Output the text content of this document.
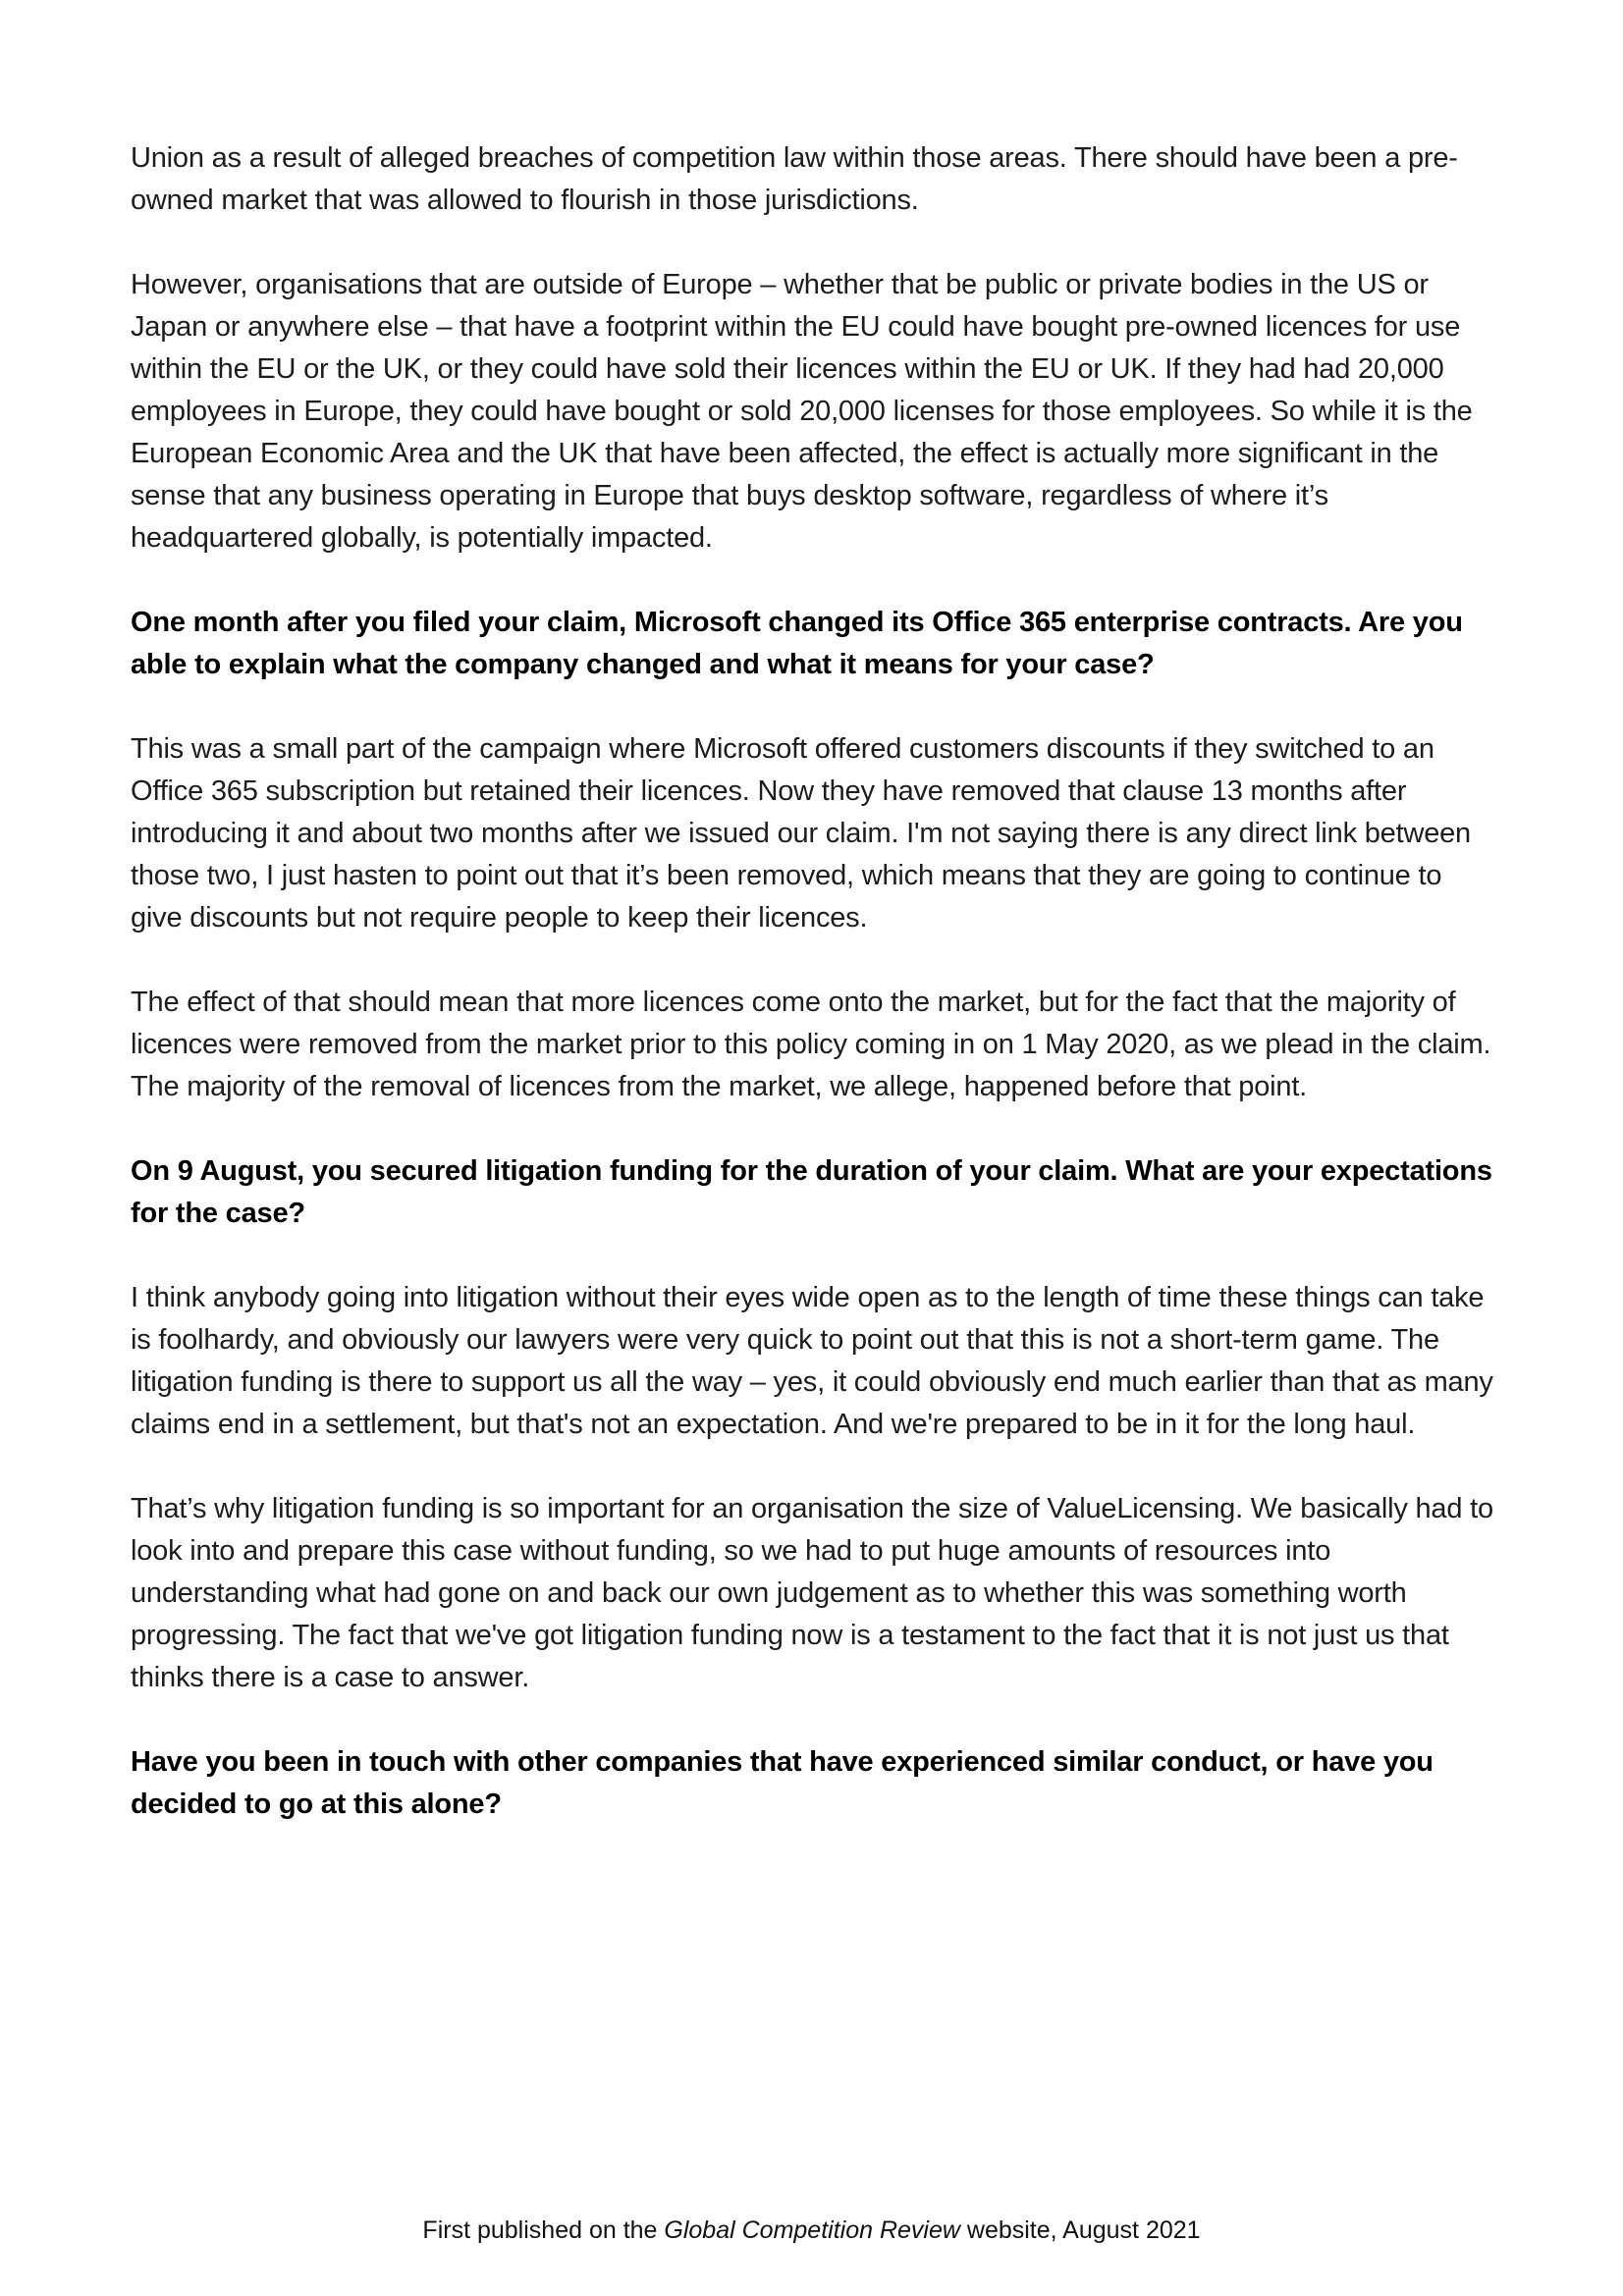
Union as a result of alleged breaches of competition law within those areas. There should have been a pre-owned market that was allowed to flourish in those jurisdictions.

However, organisations that are outside of Europe – whether that be public or private bodies in the US or Japan or anywhere else – that have a footprint within the EU could have bought pre-owned licences for use within the EU or the UK, or they could have sold their licences within the EU or UK. If they had had 20,000 employees in Europe, they could have bought or sold 20,000 licenses for those employees. So while it is the European Economic Area and the UK that have been affected, the effect is actually more significant in the sense that any business operating in Europe that buys desktop software, regardless of where it’s headquartered globally, is potentially impacted.

One month after you filed your claim, Microsoft changed its Office 365 enterprise contracts. Are you able to explain what the company changed and what it means for your case?

This was a small part of the campaign where Microsoft offered customers discounts if they switched to an Office 365 subscription but retained their licences. Now they have removed that clause 13 months after introducing it and about two months after we issued our claim. I'm not saying there is any direct link between those two, I just hasten to point out that it’s been removed, which means that they are going to continue to give discounts but not require people to keep their licences.

The effect of that should mean that more licences come onto the market, but for the fact that the majority of licences were removed from the market prior to this policy coming in on 1 May 2020, as we plead in the claim. The majority of the removal of licences from the market, we allege, happened before that point.

On 9 August, you secured litigation funding for the duration of your claim. What are your expectations for the case?

I think anybody going into litigation without their eyes wide open as to the length of time these things can take is foolhardy, and obviously our lawyers were very quick to point out that this is not a short-term game. The litigation funding is there to support us all the way – yes, it could obviously end much earlier than that as many claims end in a settlement, but that's not an expectation. And we're prepared to be in it for the long haul.

That’s why litigation funding is so important for an organisation the size of ValueLicensing. We basically had to look into and prepare this case without funding, so we had to put huge amounts of resources into understanding what had gone on and back our own judgement as to whether this was something worth progressing. The fact that we've got litigation funding now is a testament to the fact that it is not just us that thinks there is a case to answer.

Have you been in touch with other companies that have experienced similar conduct, or have you decided to go at this alone?

First published on the Global Competition Review website, August 2021
